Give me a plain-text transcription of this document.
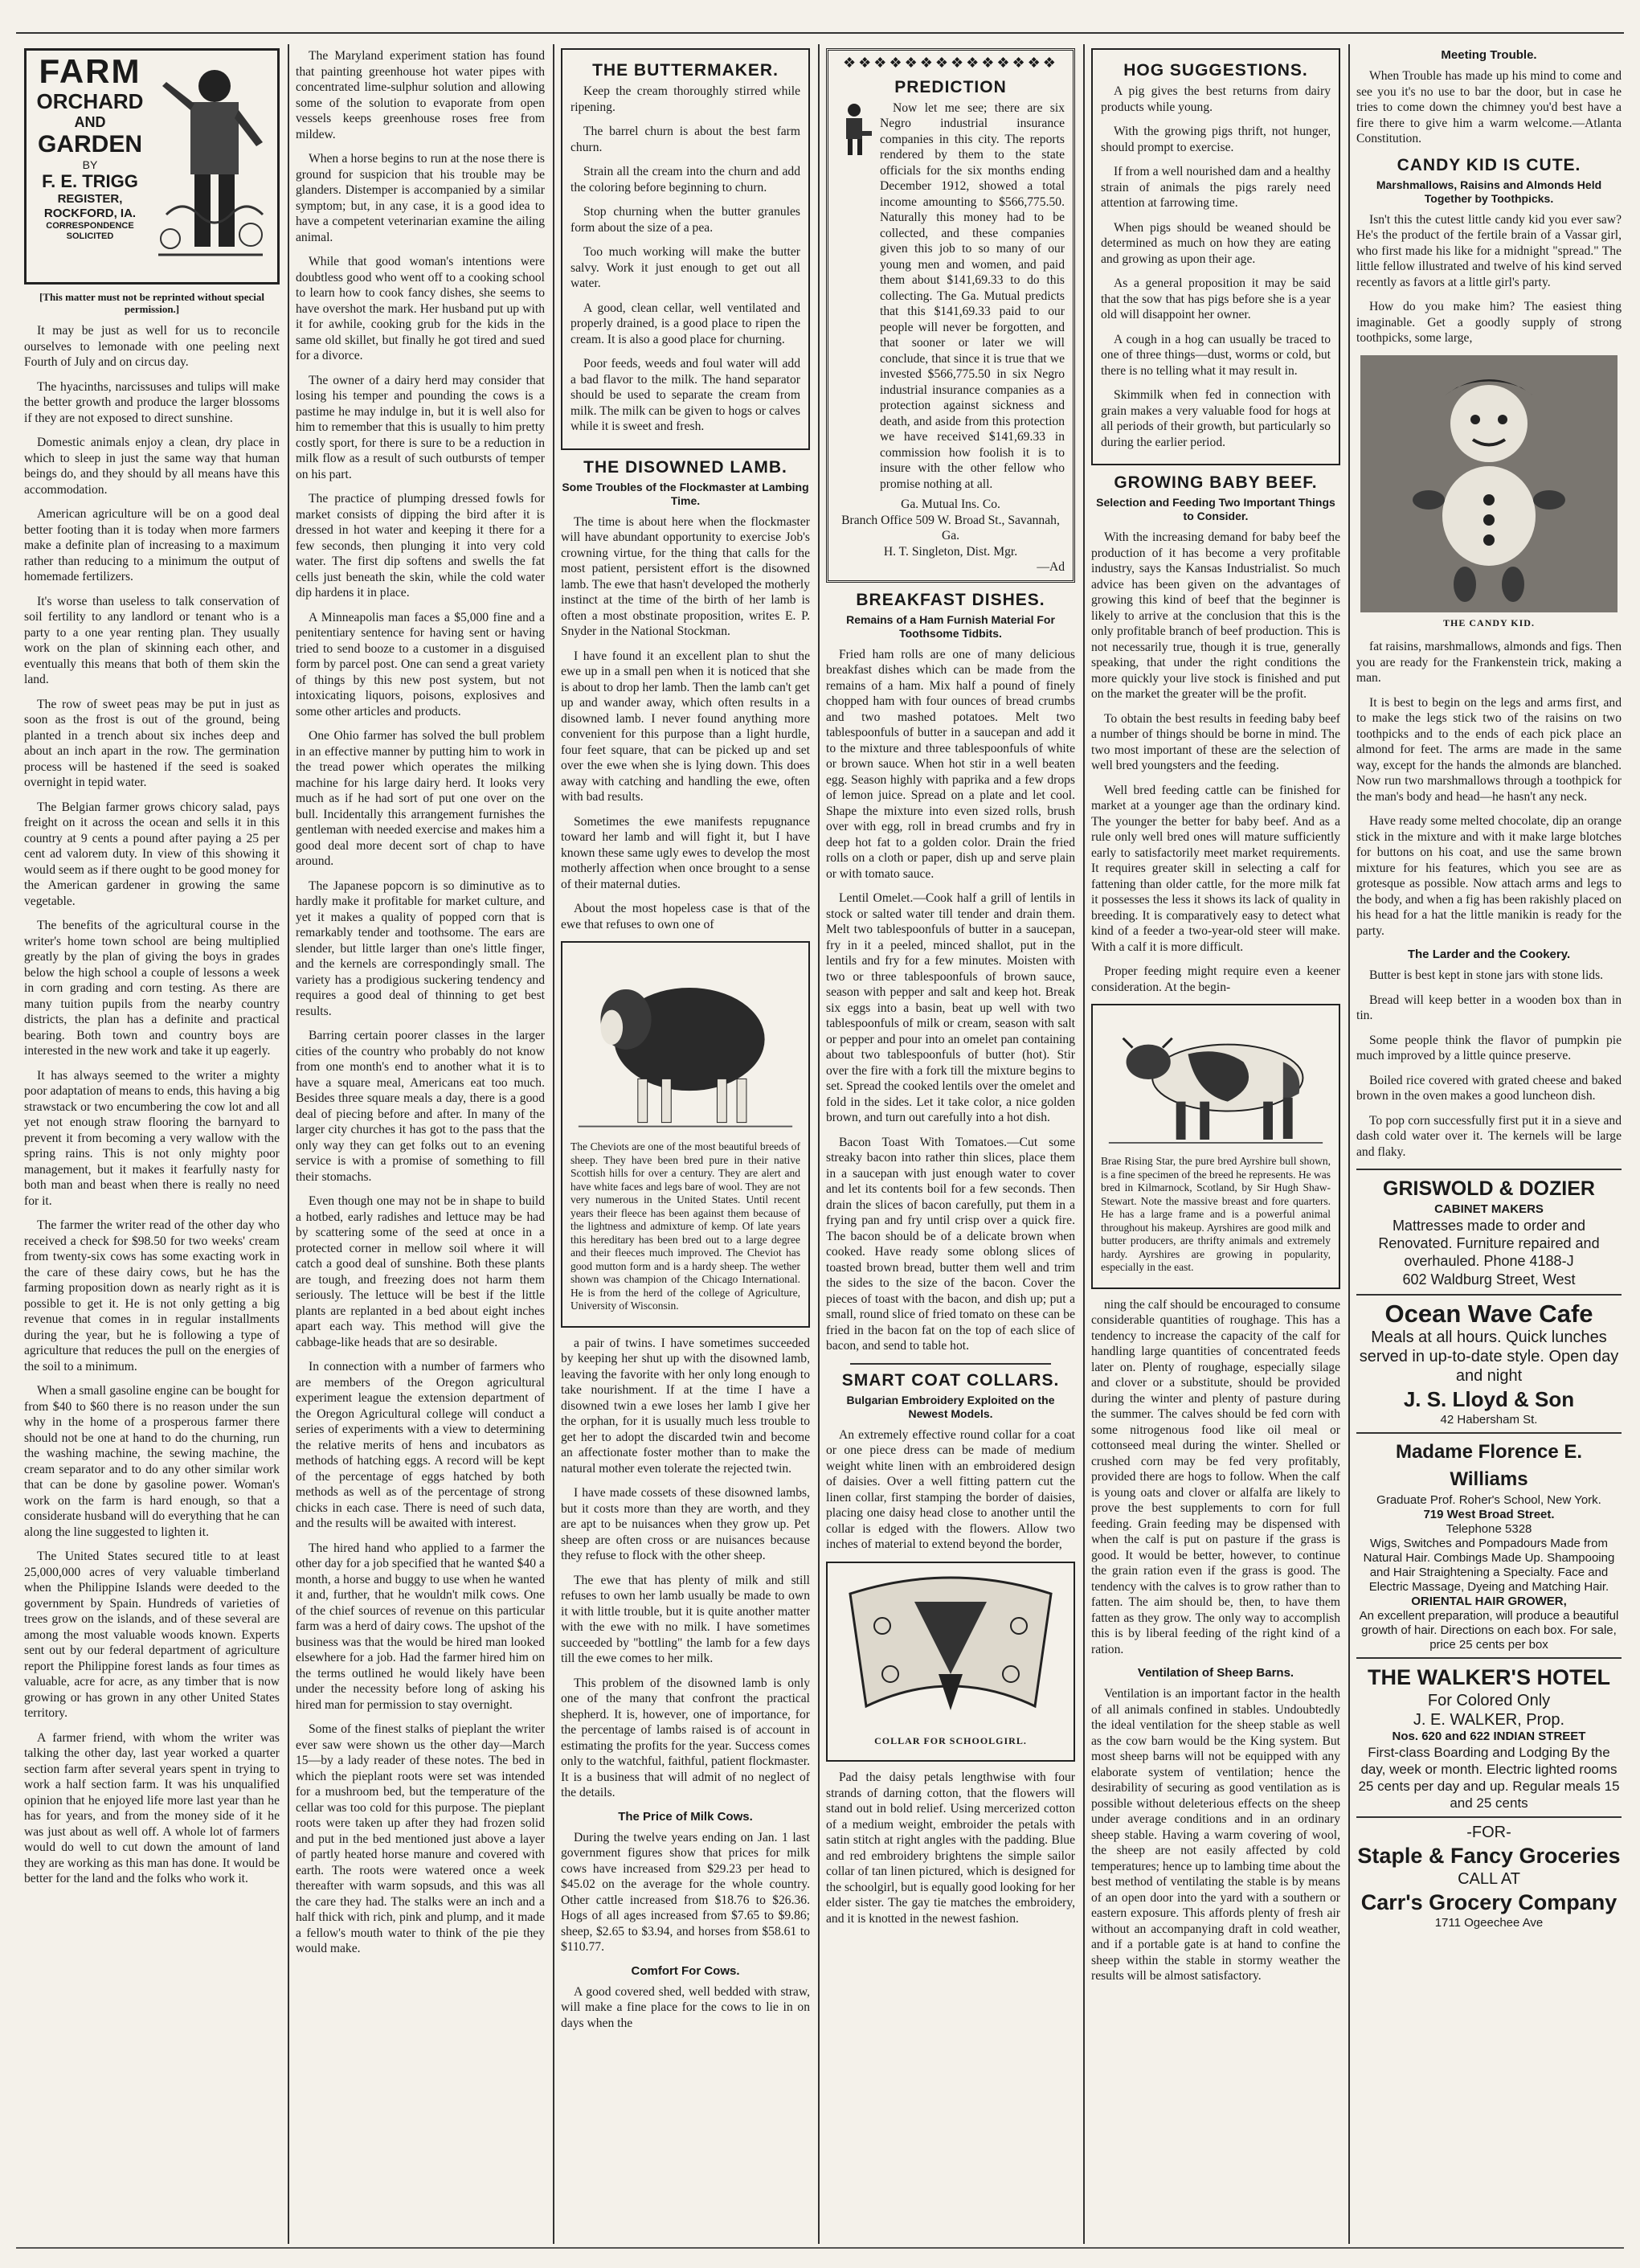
FARM
ORCHARD
AND
GARDEN
BY
F. E. TRIGG
REGISTER, ROCKFORD, IA.
CORRESPONDENCE SOLICITED
[This matter must not be reprinted without special permission.]

It may be just as well for us to reconcile ourselves to lemonade with one peeling next Fourth of July and on circus day.

The hyacinths, narcissuses and tulips will make the better growth and produce the larger blossoms if they are not exposed to direct sunshine.

Domestic animals enjoy a clean, dry place in which to sleep in just the same way that human beings do, and they should by all means have this accommodation.

American agriculture will be on a good deal better footing than it is today when more farmers make a definite plan of increasing to a maximum rather than reducing to a minimum the output of homemade fertilizers.

It's worse than useless to talk conservation of soil fertility to any landlord or tenant who is a party to a one year renting plan. They usually work on the plan of skinning each other, and eventually this means that both of them skin the land.

The row of sweet peas may be put in just as soon as the frost is out of the ground, being planted in a trench about six inches deep and about an inch apart in the row. The germination process will be hastened if the seed is soaked overnight in tepid water.

The Belgian farmer grows chicory salad, pays freight on it across the ocean and sells it in this country at 9 cents a pound after paying a 25 per cent ad valorem duty. In view of this showing it would seem as if there ought to be good money for the American gardener in growing the same vegetable.

The benefits of the agricultural course in the writer's home town school are being multiplied greatly by the plan of giving the boys in grades below the high school a couple of lessons a week in corn grading and corn testing. As there are many tuition pupils from the nearby country districts, the plan has a definite and practical bearing. Both town and country boys are interested in the new work and take it up eagerly.

It has always seemed to the writer a mighty poor adaptation of means to ends, this having a big strawstack or two encumbering the cow lot and all yet not enough straw flooring the barnyard to prevent it from becoming a very wallow with the spring rains. This is not only mighty poor management, but it makes it fearfully nasty for both man and beast when there is really no need for it.

The farmer the writer read of the other day who received a check for $98.50 for two weeks' cream from twenty-six cows has some exacting work in the care of these dairy cows, but he has the farming proposition down as nearly right as it is possible to get it. He is not only getting a big revenue that comes in in regular installments during the year, but he is following a type of agriculture that reduces the pull on the energies of the soil to a minimum.

When a small gasoline engine can be bought for from $40 to $60 there is no reason under the sun why in the home of a prosperous farmer there should not be one at hand to do the churning, run the washing machine, the sewing machine, the cream separator and to do any other similar work that can be done by gasoline power. Woman's work on the farm is hard enough, so that a considerate husband will do everything that he can along the line suggested to lighten it.

The United States secured title to at least 25,000,000 acres of very valuable timberland when the Philippine Islands were deeded to the government by Spain. Hundreds of varieties of trees grow on the islands, and of these several are among the most valuable woods known. Experts sent out by our federal department of agriculture report the Philippine forest lands as four times as valuable, acre for acre, as any timber that is now growing or has grown in any other United States territory.

A farmer friend, with whom the writer was talking the other day, last year worked a quarter section farm after several years spent in trying to work a half section farm. It was his unqualified opinion that he enjoyed life more last year than he has for years, and from the money side of it he was just about as well off. A whole lot of farmers would do well to cut down the amount of land they are working as this man has done. It would be better for the land and the folks who work it.

The Maryland experiment station has found that painting greenhouse hot water pipes with concentrated lime-sulphur solution and allowing some of the solution to evaporate from open vessels keeps greenhouse roses free from mildew.

When a horse begins to run at the nose there is ground for suspicion that his trouble may be glanders. Distemper is accompanied by a similar symptom; but, in any case, it is a good idea to have a competent veterinarian examine the ailing animal.

While that good woman's intentions were doubtless good who went off to a cooking school to learn how to cook fancy dishes, she seems to have overshot the mark. Her husband put up with it for awhile, cooking grub for the kids in the same old skillet, but finally he got tired and sued for a divorce.

The owner of a dairy herd may consider that losing his temper and pounding the cows is a pastime he may indulge in, but it is well also for him to remember that this is usually to him pretty costly sport, for there is sure to be a reduction in milk flow as a result of such outbursts of temper on his part.

The practice of plumping dressed fowls for market consists of dipping the bird after it is dressed in hot water and keeping it there for a few seconds, then plunging it into very cold water. The first dip softens and swells the fat cells just beneath the skin, while the cold water dip hardens it in place.

A Minneapolis man faces a $5,000 fine and a penitentiary sentence for having sent or having tried to send booze to a customer in a disguised form by parcel post. One can send a great variety of things by this new post system, but not intoxicating liquors, poisons, explosives and some other articles and products.

One Ohio farmer has solved the bull problem in an effective manner by putting him to work in the tread power which operates the milking machine for his large dairy herd. It looks very much as if he had sort of put one over on the bull. Incidentally this arrangement furnishes the gentleman with needed exercise and makes him a good deal more decent sort of chap to have around.

The Japanese popcorn is so diminutive as to hardly make it profitable for market culture, and yet it makes a quality of popped corn that is remarkably tender and toothsome. The ears are slender, but little larger than one's little finger, and the kernels are correspondingly small. The variety has a prodigious suckering tendency and requires a good deal of thinning to get best results.

Barring certain poorer classes in the larger cities of the country who probably do not know from one month's end to another what it is to have a square meal, Americans eat too much. Besides three square meals a day, there is a good deal of piecing before and after. In many of the larger city churches it has got to the pass that the only way they can get folks out to an evening service is with a promise of something to fill their stomachs.

Even though one may not be in shape to build a hotbed, early radishes and lettuce may be had by scattering some of the seed at once in a protected corner in mellow soil where it will catch a good deal of sunshine. Both these plants are tough, and freezing does not harm them seriously. The lettuce will be best if the little plants are replanted in a bed about eight inches apart each way. This method will give the cabbage-like heads that are so desirable.

In connection with a number of farmers who are members of the Oregon agricultural experiment league the extension department of the Oregon Agricultural college will conduct a series of experiments with a view to determining the relative merits of hens and incubators as methods of hatching eggs. A record will be kept of the percentage of eggs hatched by both methods as well as of the percentage of strong chicks in each case. There is need of such data, and the results will be awaited with interest.

The hired hand who applied to a farmer the other day for a job specified that he wanted $40 a month, a horse and buggy to use when he wanted it and, further, that he wouldn't milk cows. One of the chief sources of revenue on this particular farm was a herd of dairy cows. The upshot of the business was that the would be hired man looked elsewhere for a job. Had the farmer hired him on the terms outlined he would likely have been under the necessity before long of asking his hired man for permission to stay overnight.

Some of the finest stalks of pieplant the writer ever saw were shown us the other day—March 15—by a lady reader of these notes. The bed in which the pieplant roots were set was intended for a mushroom bed, but the temperature of the cellar was too cold for this purpose. The pieplant roots were taken up after they had frozen solid and put in the bed mentioned just above a layer of partly heated horse manure and covered with earth. The roots were watered once a week thereafter with warm sopsuds, and this was all the care they had. The stalks were an inch and a half thick with rich, pink and plump, and it made a fellow's mouth water to think of the pie they would make.

THE BUTTERMAKER.

Keep the cream thoroughly stirred while ripening.

The barrel churn is about the best farm churn.

Strain all the cream into the churn and add the coloring before beginning to churn.

Stop churning when the butter granules form about the size of a pea.

Too much working will make the butter salvy. Work it just enough to get out all water.

A good, clean cellar, well ventilated and properly drained, is a good place to ripen the cream. It is also a good place for churning.

Poor feeds, weeds and foul water will add a bad flavor to the milk. The hand separator should be used to separate the cream from milk. The milk can be given to hogs or calves while it is sweet and fresh.

THE DISOWNED LAMB.
Some Troubles of the Flockmaster at Lambing Time.

The time is about here when the flockmaster will have abundant opportunity to exercise Job's crowning virtue, for the thing that calls for the most patient, persistent effort is the disowned lamb. The ewe that hasn't developed the motherly instinct at the time of the birth of her lamb is often a most obstinate proposition, writes E. P. Snyder in the National Stockman.

I have found it an excellent plan to shut the ewe up in a small pen when it is noticed that she is about to drop her lamb. Then the lamb can't get up and wander away, which often results in a disowned lamb. I never found anything more convenient for this purpose than a light hurdle, four feet square, that can be picked up and set over the ewe when she is lying down. This does away with catching and handling the ewe, often with bad results.

Sometimes the ewe manifests repugnance toward her lamb and will fight it, but I have known these same ugly ewes to develop the most motherly affection when once brought to a sense of their maternal duties.

About the most hopeless case is that of the ewe that refuses to own one of

The Cheviots are one of the most beautiful breeds of sheep. They have been bred pure in their native Scottish hills for over a century. They are alert and have white faces and legs bare of wool. They are not very numerous in the United States. Until recent years their fleece has been against them because of the lightness and admixture of kemp. Of late years this hereditary has been bred out to a large degree and their fleeces much improved. The Cheviot has good mutton form and is a hardy sheep. The wether shown was champion of the Chicago International. He is from the herd of the college of Agriculture, University of Wisconsin.

a pair of twins. I have sometimes succeeded by keeping her shut up with the disowned lamb, leaving the favorite with her only long enough to take nourishment. If at the time I have a disowned twin a ewe loses her lamb I give her the orphan, for it is usually much less trouble to get her to adopt the discarded twin and become an affectionate foster mother than to make the natural mother even tolerate the rejected twin.

I have made cossets of these disowned lambs, but it costs more than they are worth, and they are apt to be nuisances when they grow up. Pet sheep are often cross or are nuisances because they refuse to flock with the other sheep.

The ewe that has plenty of milk and still refuses to own her lamb usually be made to own it with little trouble, but it is quite another matter with the ewe with no milk. I have sometimes succeeded by "bottling" the lamb for a few days till the ewe comes to her milk.

This problem of the disowned lamb is only one of the many that confront the practical shepherd. It is, however, one of importance, for the percentage of lambs raised is of account in estimating the profits for the year. Success comes only to the watchful, faithful, patient flockmaster. It is a business that will admit of no neglect of the details.

The Price of Milk Cows.

During the twelve years ending on Jan. 1 last government figures show that prices for milk cows have increased from $29.23 per head to $45.02 on the average for the whole country. Other cattle increased from $18.76 to $26.36. Hogs of all ages increased from $7.65 to $9.86; sheep, $2.65 to $3.94, and horses from $58.61 to $110.77.

Comfort For Cows.

A good covered shed, well bedded with straw, will make a fine place for the cows to lie in on days when the

❖❖❖❖❖❖❖❖❖❖❖❖❖❖
PREDICTION

Now let me see; there are six Negro industrial insurance companies in this city. The reports rendered by them to the state officials for the six months ending December 1912, showed a total income amounting to $566,775.50. Naturally this money had to be collected, and these companies given this job to so many of our young men and women, and paid them about $141,69.33 to do this collecting. The Ga. Mutual predicts that this $141,69.33 paid to our people will never be forgotten, and that sooner or later we will conclude, that since it is true that we invested $566,775.50 in six Negro industrial insurance companies as a protection against sickness and death, and aside from this protection we have received $141,69.33 in commission how foolish it is to insure with the other fellow who promise nothing at all.

Ga. Mutual Ins. Co.
Branch Office 509 W. Broad St., Savannah, Ga.
H. T. Singleton, Dist. Mgr.
—Ad
BREAKFAST DISHES.
Remains of a Ham Furnish Material For Toothsome Tidbits.

Fried ham rolls are one of many delicious breakfast dishes which can be made from the remains of a ham. Mix half a pound of finely chopped ham with four ounces of bread crumbs and two mashed potatoes. Melt two tablespoonfuls of butter in a saucepan and add it to the mixture and three tablespoonfuls of white or brown sauce. When hot stir in a well beaten egg. Season highly with paprika and a few drops of lemon juice. Spread on a plate and let cool. Shape the mixture into even sized rolls, brush over with egg, roll in bread crumbs and fry in deep hot fat to a golden color. Drain the fried rolls on a cloth or paper, dish up and serve plain or with tomato sauce.

Lentil Omelet.—Cook half a grill of lentils in stock or salted water till tender and drain them. Melt two tablespoonfuls of butter in a saucepan, fry in it a peeled, minced shallot, put in the lentils and fry for a few minutes. Moisten with two or three tablespoonfuls of brown sauce, season with pepper and salt and keep hot. Break six eggs into a basin, beat up well with two tablespoonfuls of milk or cream, season with salt or pepper and pour into an omelet pan containing about two tablespoonfuls of butter (hot). Stir over the fire with a fork till the mixture begins to set. Spread the cooked lentils over the omelet and fold in the sides. Let it take color, a nice golden brown, and turn out carefully into a hot dish.

Bacon Toast With Tomatoes.—Cut some streaky bacon into rather thin slices, place them in a saucepan with just enough water to cover and let its contents boil for a few seconds. Then drain the slices of bacon carefully, put them in a frying pan and fry until crisp over a quick fire. The bacon should be of a delicate brown when cooked. Have ready some oblong slices of toasted brown bread, butter them well and trim the sides to the size of the bacon. Cover the pieces of toast with the bacon, and dish up; put a small, round slice of fried tomato on these can be fried in the bacon fat on the top of each slice of bacon, and send to table hot.

SMART COAT COLLARS.
Bulgarian Embroidery Exploited on the Newest Models.

An extremely effective round collar for a coat or one piece dress can be made of medium weight white linen with an embroidered design of daisies. Over a well fitting pattern cut the linen collar, first stamping the border of daisies, placing one daisy head close to another until the collar is edged with the flowers. Allow two inches of material to extend beyond the border,

COLLAR FOR SCHOOLGIRL.

Pad the daisy petals lengthwise with four strands of darning cotton, that the flowers will stand out in bold relief. Using mercerized cotton of a medium weight, embroider the petals with satin stitch at right angles with the padding. Blue and red embroidery brightens the simple sailor collar of tan linen pictured, which is designed for the schoolgirl, but is equally good looking for her elder sister. The gay tie matches the embroidery, and it is knotted in the newest fashion.

HOG SUGGESTIONS.

A pig gives the best returns from dairy products while young.

With the growing pigs thrift, not hunger, should prompt to exercise.

If from a well nourished dam and a healthy strain of animals the pigs rarely need attention at farrowing time.

When pigs should be weaned should be determined as much on how they are eating and growing as upon their age.

As a general proposition it may be said that the sow that has pigs before she is a year old will disappoint her owner.

A cough in a hog can usually be traced to one of three things—dust, worms or cold, but there is no telling what it may result in.

Skimmilk when fed in connection with grain makes a very valuable food for hogs at all periods of their growth, but particularly so during the earlier period.

GROWING BABY BEEF.
Selection and Feeding Two Important Things to Consider.

With the increasing demand for baby beef the production of it has become a very profitable industry, says the Kansas Industrialist. So much advice has been given on the advantages of growing this kind of beef that the beginner is likely to arrive at the conclusion that this is the only profitable branch of beef production. This is not necessarily true, though it is true, generally speaking, that under the right conditions the more quickly your live stock is finished and put on the market the greater will be the profit.

To obtain the best results in feeding baby beef a number of things should be borne in mind. The two most important of these are the selection of well bred youngsters and the feeding.

Well bred feeding cattle can be finished for market at a younger age than the ordinary kind. The younger the better for baby beef. And as a rule only well bred ones will mature sufficiently early to satisfactorily meet market requirements. It requires greater skill in selecting a calf for fattening than older cattle, for the more milk fat it possesses the less it shows its lack of quality in breeding. It is comparatively easy to detect what kind of a feeder a two-year-old steer will make. With a calf it is more difficult.

Proper feeding might require even a keener consideration. At the begin-

Brae Rising Star, the pure bred Ayrshire bull shown, is a fine specimen of the breed he represents. He was bred in Kilmarnock, Scotland, by Sir Hugh Shaw-Stewart. Note the massive breast and fore quarters. He has a large frame and is a powerful animal throughout his makeup. Ayrshires are good milk and butter producers, are thrifty animals and extremely hardy. Ayrshires are growing in popularity, especially in the east.

ning the calf should be encouraged to consume considerable quantities of roughage. This has a tendency to increase the capacity of the calf for handling large quantities of concentrated feeds later on. Plenty of roughage, especially silage and clover or a substitute, should be provided during the winter and plenty of pasture during the summer. The calves should be fed corn with some nitrogenous food like oil meal or cottonseed meal during the winter. Shelled or crushed corn may be fed very profitably, provided there are hogs to follow. When the calf is young oats and clover or alfalfa are likely to prove the best supplements to corn for full feeding. Grain feeding may be dispensed with when the calf is put on pasture if the grass is good. It would be better, however, to continue the grain ration even if the grass is good. The tendency with the calves is to grow rather than to fatten. The aim should be, then, to have them fatten as they grow. The only way to accomplish this is by liberal feeding of the right kind of a ration.

Ventilation of Sheep Barns.

Ventilation is an important factor in the health of all animals confined in stables. Undoubtedly the ideal ventilation for the sheep stable as well as the cow barn would be the King system. But most sheep barns will not be equipped with any elaborate system of ventilation; hence the desirability of securing as good ventilation as is possible without deleterious effects on the sheep under average conditions and in an ordinary sheep stable. Having a warm covering of wool, the sheep are not easily affected by cold temperatures; hence up to lambing time about the best method of ventilating the stable is by means of an open door into the yard with a southern or eastern exposure. This affords plenty of fresh air without an accompanying draft in cold weather, and if a portable gate is at hand to confine the sheep within the stable in stormy weather the results will be almost satisfactory.

Meeting Trouble.

When Trouble has made up his mind to come and see you it's no use to bar the door, but in case he tries to come down the chimney you'd best have a fire there to give him a warm welcome.—Atlanta Constitution.

CANDY KID IS CUTE.
Marshmallows, Raisins and Almonds Held Together by Toothpicks.

Isn't this the cutest little candy kid you ever saw? He's the product of the fertile brain of a Vassar girl, who first made his like for a midnight "spread." The little fellow illustrated and twelve of his kind served recently as favors at a little girl's party.

How do you make him? The easiest thing imaginable. Get a goodly supply of strong toothpicks, some large,

THE CANDY KID.

fat raisins, marshmallows, almonds and figs. Then you are ready for the Frankenstein trick, making a man.

It is best to begin on the legs and arms first, and to make the legs stick two of the raisins on two toothpicks and to the ends of each pick place an almond for feet. The arms are made in the same way, except for the hands the almonds are blanched. Now run two marshmallows through a toothpick for the man's body and head—he hasn't any neck.

Have ready some melted chocolate, dip an orange stick in the mixture and with it make large blotches for buttons on his coat, and use the same brown mixture for his features, which you see are as grotesque as possible. Now attach arms and legs to the body, and when a fig has been rakishly placed on his head for a hat the little manikin is ready for the party.

The Larder and the Cookery.

Butter is best kept in stone jars with stone lids.

Bread will keep better in a wooden box than in tin.

Some people think the flavor of pumpkin pie much improved by a little quince preserve.

Boiled rice covered with grated cheese and baked brown in the oven makes a good luncheon dish.

To pop corn successfully first put it in a sieve and dash cold water over it. The kernels will be large and flaky.

GRISWOLD & DOZIER
CABINET MAKERS
Mattresses made to order and Renovated. Furniture repaired and overhauled. Phone 4188-J
602 Waldburg Street, West
Ocean Wave Cafe
Meals at all hours. Quick lunches served in up-to-date style. Open day and night
J. S. Lloyd & Son
42 Habersham St.
Madame Florence E. Williams
Graduate Prof. Roher's School, New York.
719 West Broad Street.
Telephone 5328
Wigs, Switches and Pompadours Made from Natural Hair. Combings Made Up. Shampooing and Hair Straightening a Specialty. Face and Electric Massage, Dyeing and Matching Hair.
ORIENTAL HAIR GROWER,
An excellent preparation, will produce a beautiful growth of hair. Directions on each box. For sale, price 25 cents per box
THE WALKER'S HOTEL
For Colored Only
J. E. WALKER, Prop.
Nos. 620 and 622 INDIAN STREET
First-class Boarding and Lodging By the day, week or month. Electric lighted rooms 25 cents per day and up. Regular meals 15 and 25 cents
-FOR-
Staple & Fancy Groceries
CALL AT
Carr's Grocery Company
1711 Ogeechee Ave
